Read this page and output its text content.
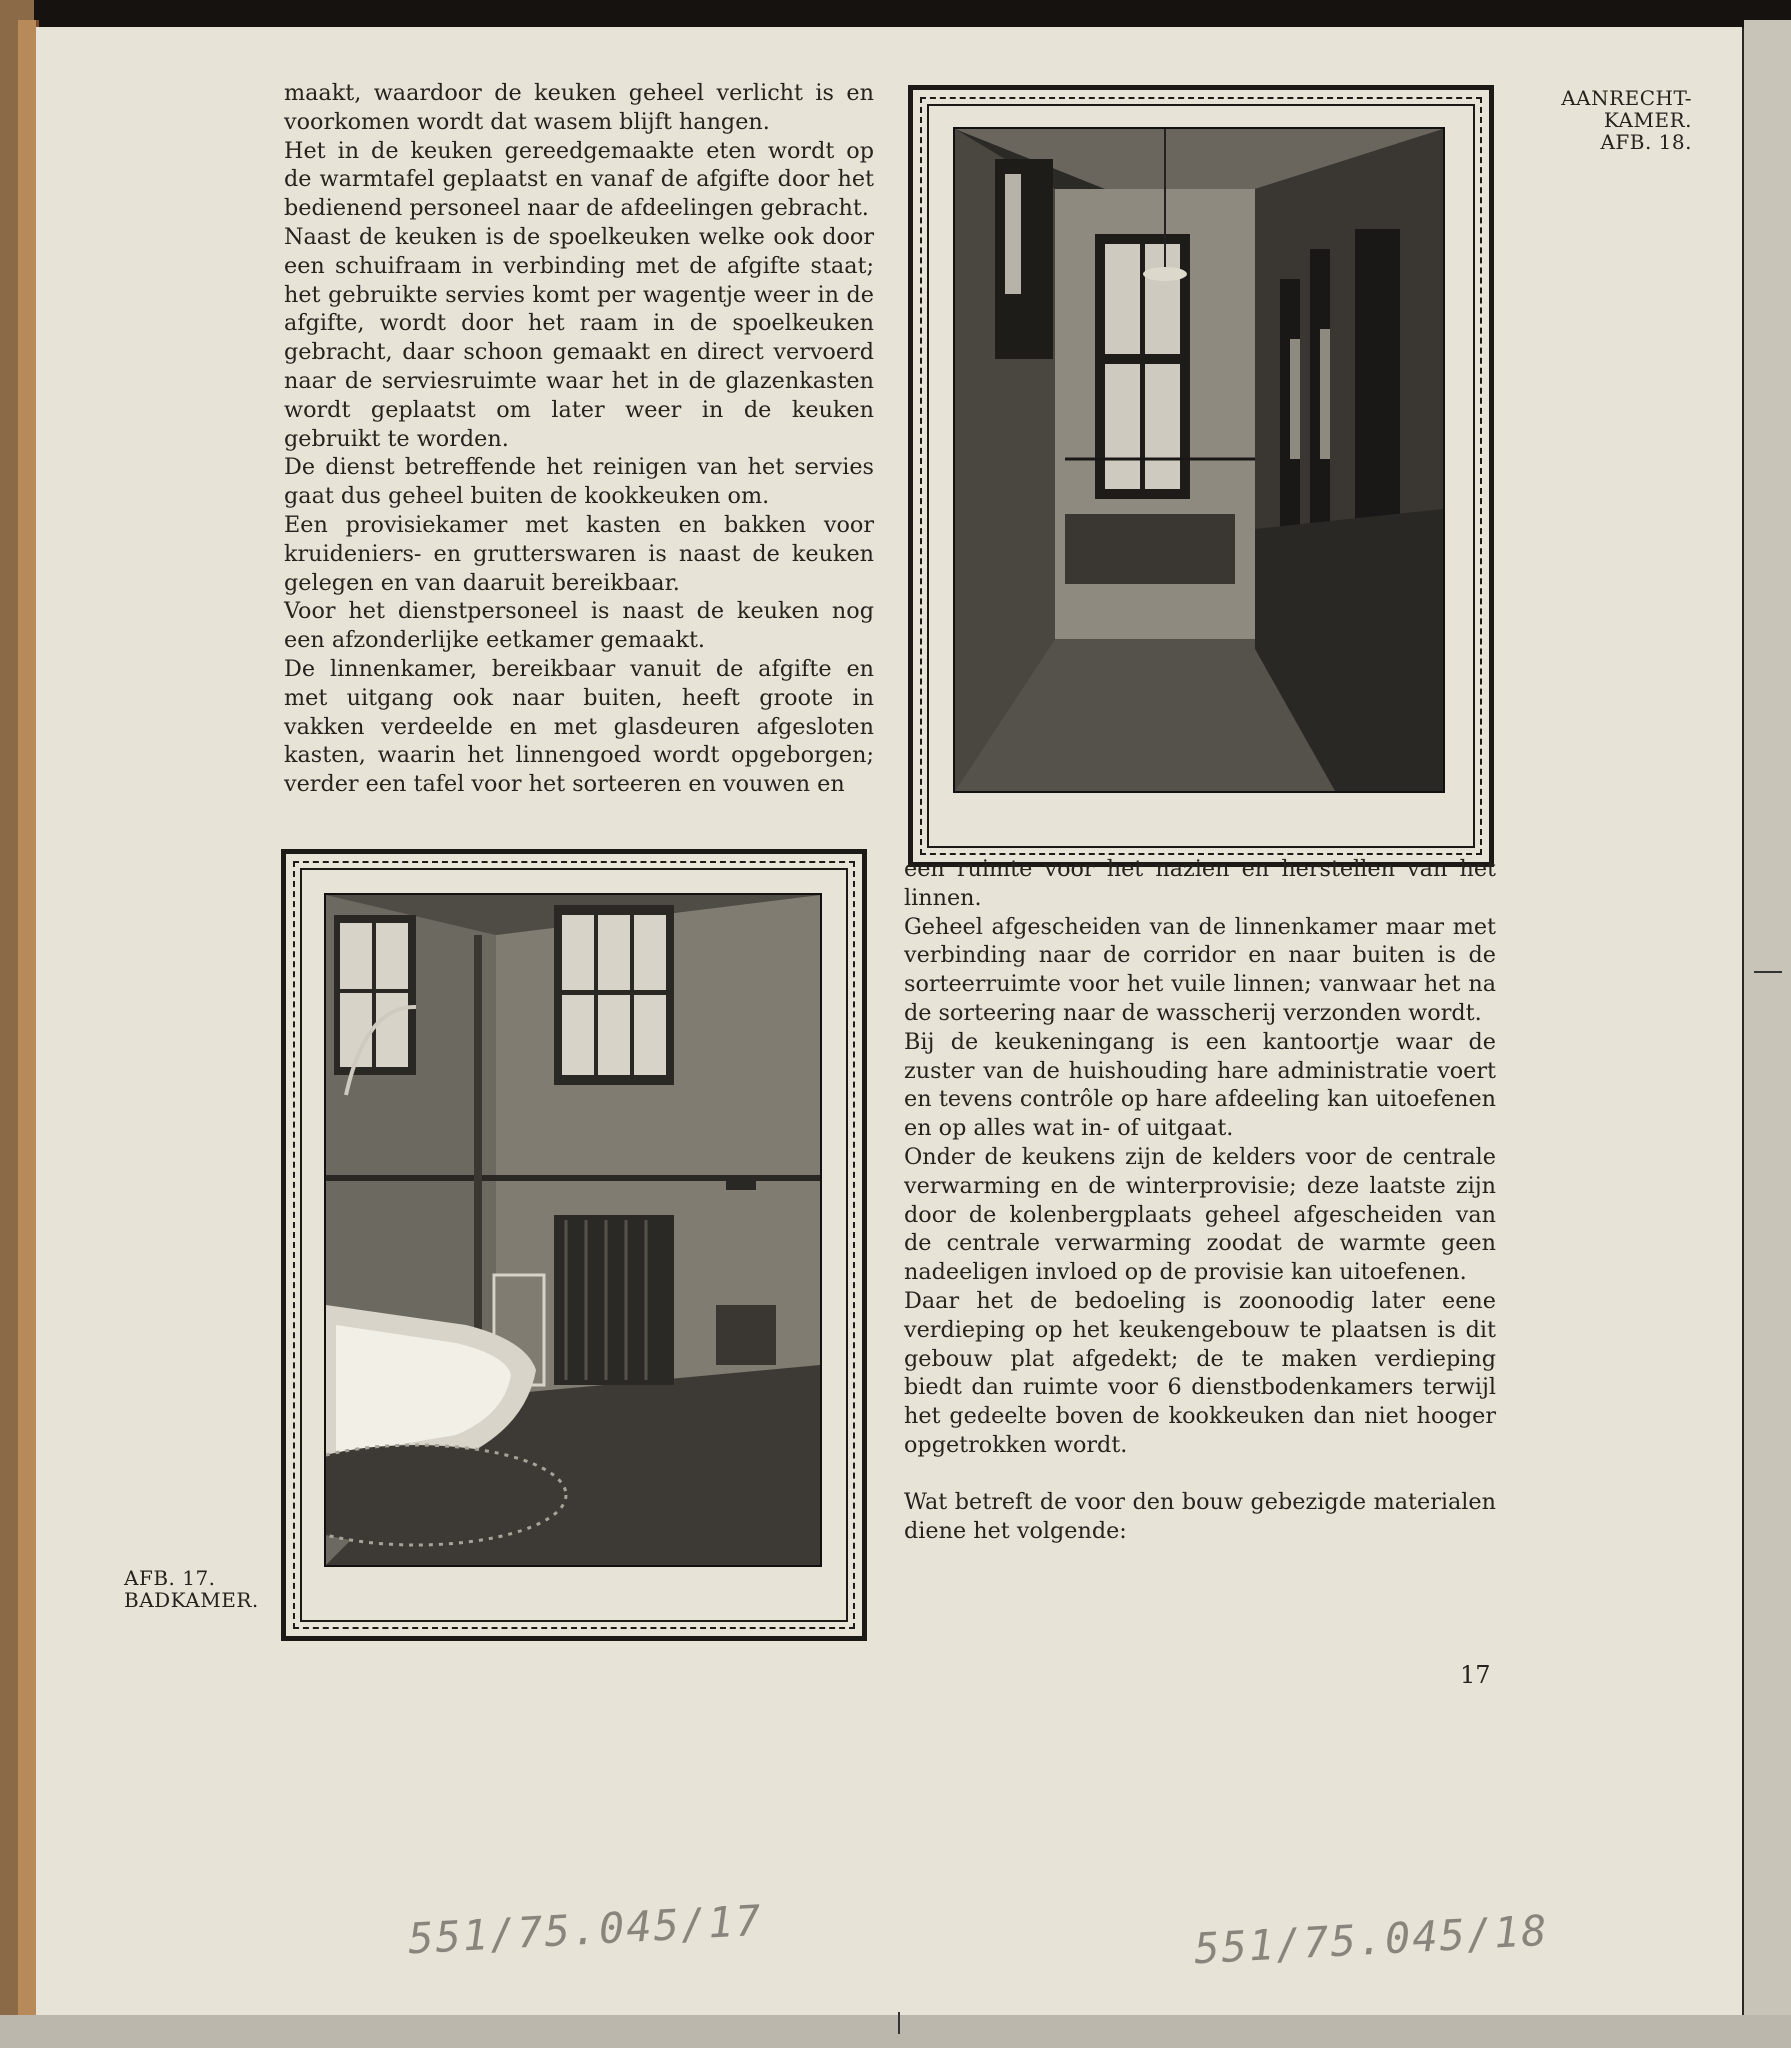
maakt, waardoor de keuken geheel verlicht is en voorkomen wordt dat wasem blijft hangen.

Het in de keuken gereedgemaakte eten wordt op de warmtafel geplaatst en vanaf de afgifte door het bedienend personeel naar de afdeelingen gebracht.

Naast de keuken is de spoelkeuken welke ook door een schuifraam in verbinding met de afgifte staat; het gebruikte servies komt per wagentje weer in de afgifte, wordt door het raam in de spoelkeuken gebracht, daar schoon gemaakt en direct vervoerd naar de serviesruimte waar het in de glazenkasten wordt geplaatst om later weer in de keuken gebruikt te worden.

De dienst betreffende het reinigen van het servies gaat dus geheel buiten de kookkeuken om.

Een provisiekamer met kasten en bakken voor kruideniers- en grutterswaren is naast de keuken gelegen en van daaruit bereikbaar.

Voor het dienstpersoneel is naast de keuken nog een afzonderlijke eetkamer gemaakt.

De linnenkamer, bereikbaar vanuit de afgifte en met uitgang ook naar buiten, heeft groote in vakken verdeelde en met glasdeuren afgesloten kasten, waarin het linnengoed wordt opgeborgen; verder een tafel voor het sorteeren en vouwen en

een ruimte voor het nazien en herstellen van het linnen.

Geheel afgescheiden van de linnenkamer maar met verbinding naar de corridor en naar buiten is de sorteerruimte voor het vuile linnen; vanwaar het na de sorteering naar de wasscherij verzonden wordt.

Bij de keukeningang is een kantoortje waar de zuster van de huishouding hare administratie voert en tevens contrôle op hare afdeeling kan uitoefenen en op alles wat in- of uitgaat.

Onder de keukens zijn de kelders voor de centrale verwarming en de winterprovisie; deze laatste zijn door de kolenbergplaats geheel afgescheiden van de centrale verwarming zoodat de warmte geen nadeeligen invloed op de provisie kan uitoefenen.

Daar het de bedoeling is zoonoodig later eene verdieping op het keukengebouw te plaatsen is dit gebouw plat afgedekt; de te maken verdieping biedt dan ruimte voor 6 dienstbodenkamers terwijl het gedeelte boven de kookkeuken dan niet hooger opgetrokken wordt.

Wat betreft de voor den bouw gebezigde materialen diene het volgende:

AANRECHT-
KAMER.
AFB. 18.
AFB. 17.
BADKAMER.
17
551/75.045/17	551/75.045/18
